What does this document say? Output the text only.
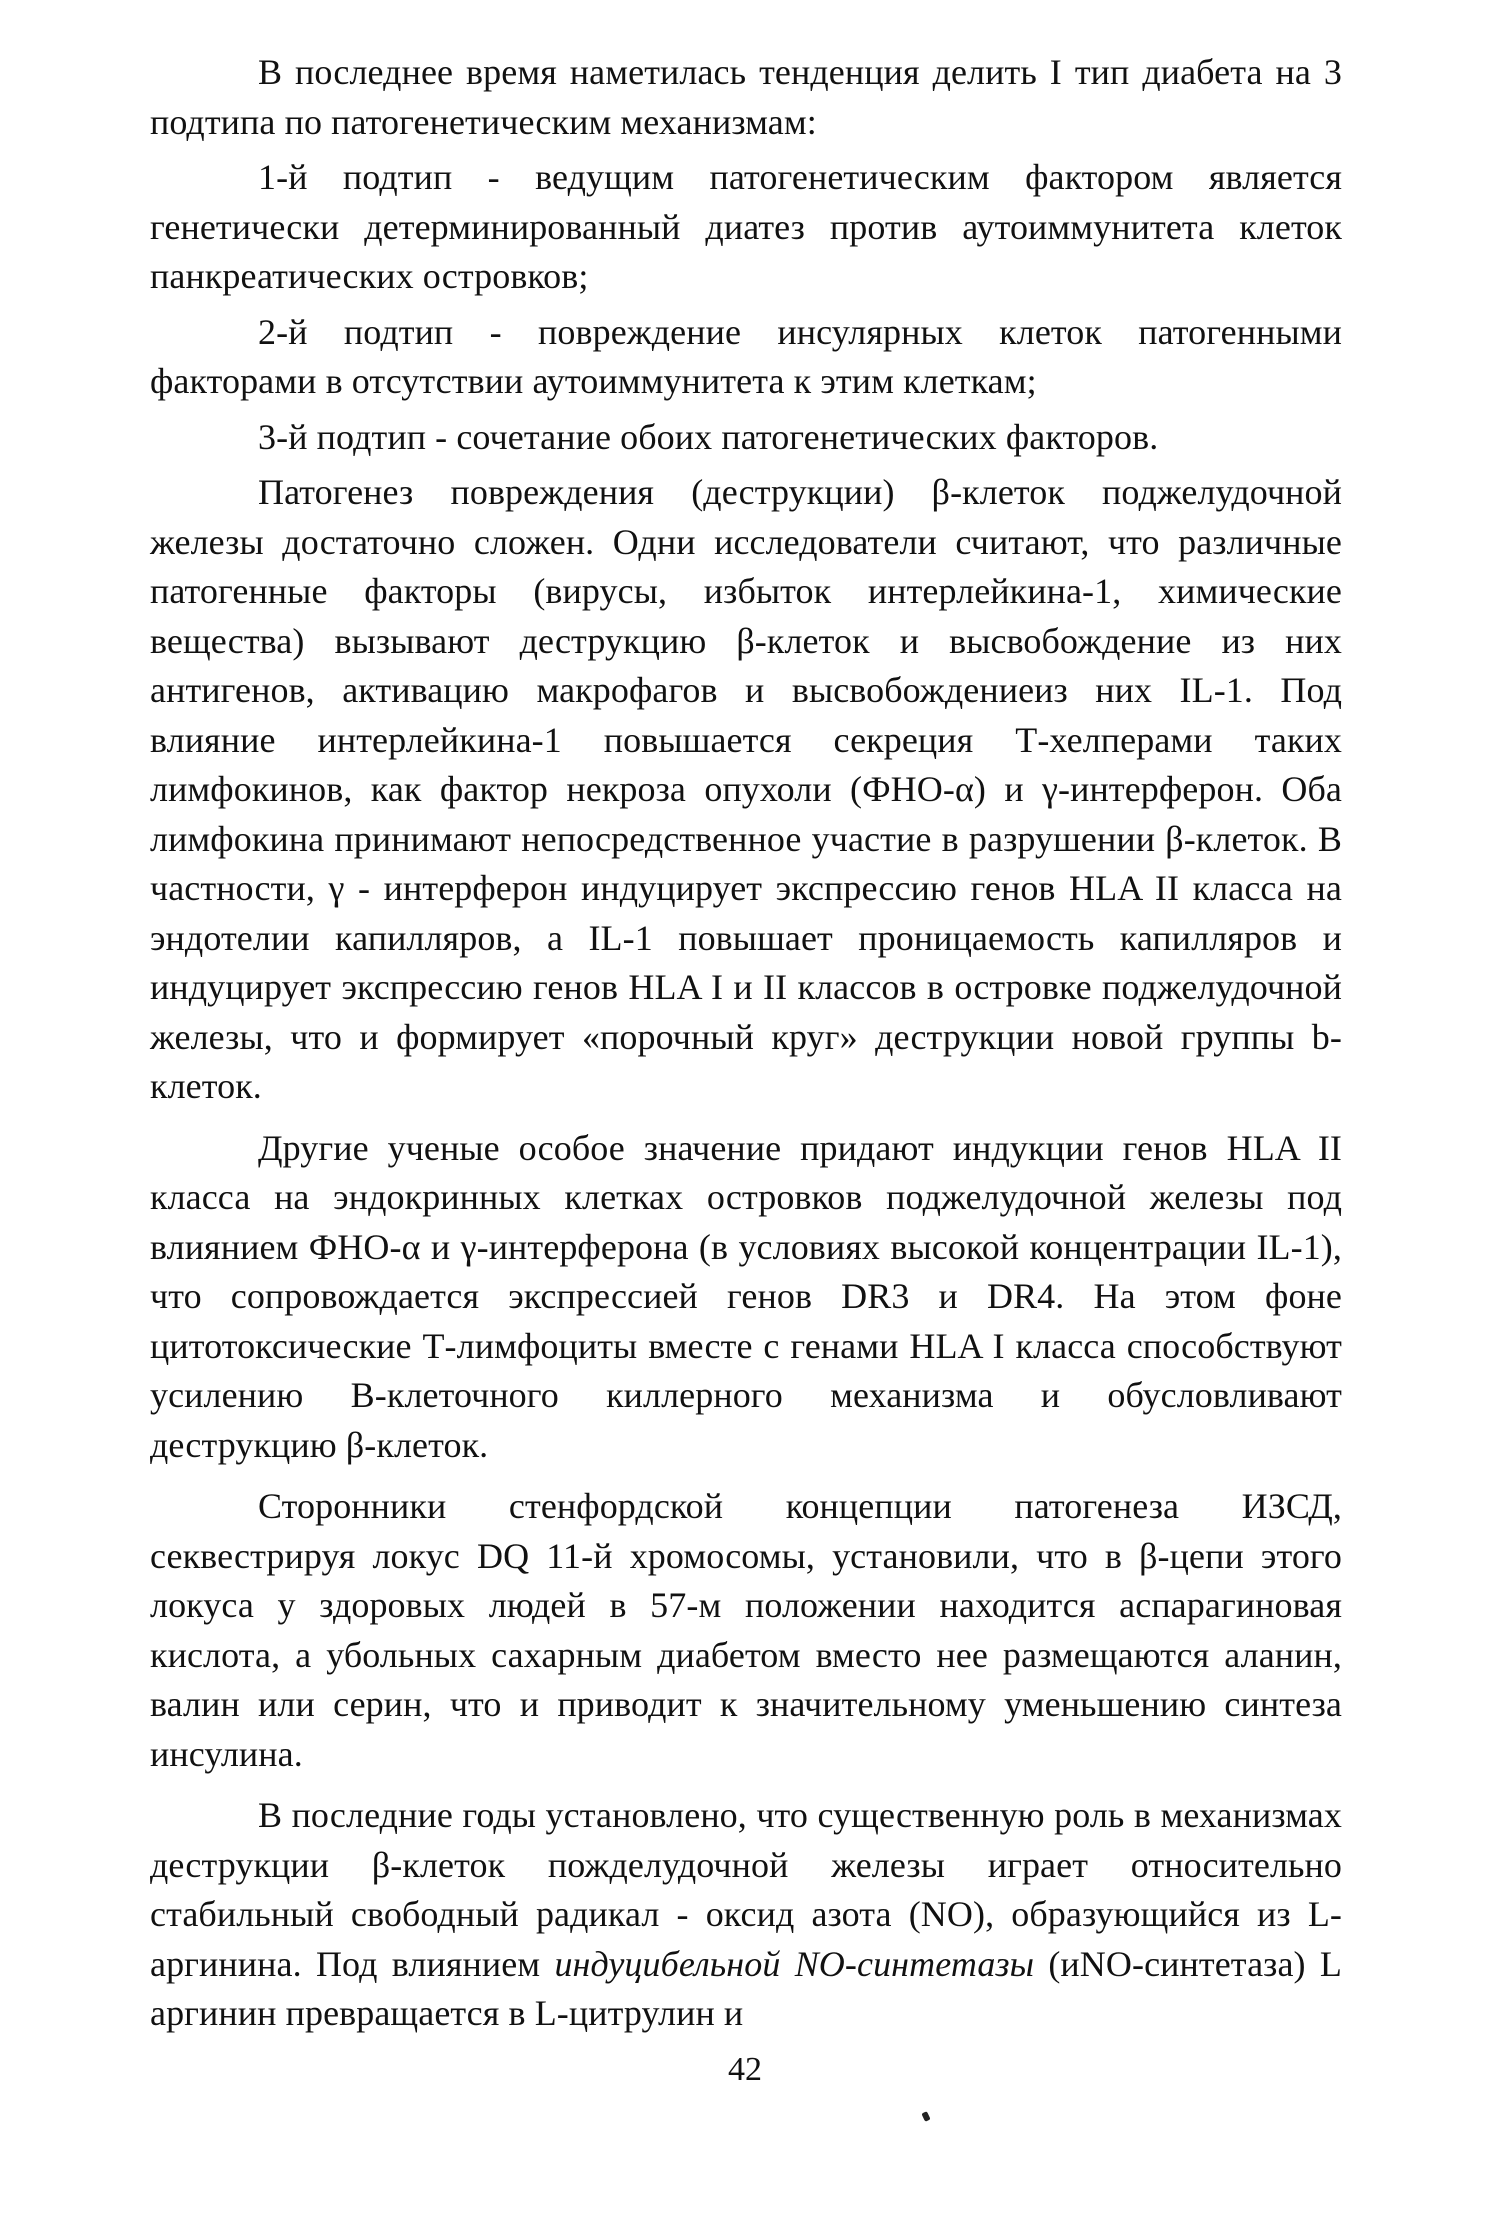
В последнее время наметилась тенденция делить I тип диабета на 3 подтипа по патогенетическим механизмам:

1-й подтип - ведущим патогенетическим фактором является генетически детерминированный диатез против аутоиммунитета клеток панкреатических островков;

2-й подтип - повреждение инсулярных клеток патогенными факторами в отсутствии аутоиммунитета к этим клеткам;

3-й подтип - сочетание обоих патогенетических факторов.

Патогенез повреждения (деструкции) β-клеток поджелудочной железы достаточно сложен. Одни исследователи считают, что различные патогенные факторы (вирусы, избыток интерлейкина-1, химические вещества) вызывают деструкцию β-клеток и высвобождение из них антигенов, активацию макрофагов и высвобождениеиз них IL-1. Под влияние интерлейкина-1 повышается секреция Т-хелперами таких лимфокинов, как фактор некроза опухоли (ФНО-α) и γ-интерферон. Оба лимфокина принимают непосредственное участие в разрушении β-клеток. В частности, γ - интерферон индуцирует экспрессию генов HLA II класса на эндотелии капилляров, а IL-1 повышает проницаемость капилляров и индуцирует экспрессию генов HLA I и II классов в островке поджелудочной железы, что и формирует «порочный круг» деструкции новой группы b-клеток.

Другие ученые особое значение придают индукции генов HLA II класса на эндокринных клетках островков поджелудочной железы под влиянием ФНО-α и γ-интерферона (в условиях высокой концентрации IL-1), что сопровождается экспрессией генов DR3 и DR4. На этом фоне цитотоксические Т-лимфоциты вместе с генами HLA I класса способствуют усилению В-клеточного киллерного механизма и обусловливают деструкцию β-клеток.

Сторонники стенфордской концепции патогенеза ИЗСД, секвестрируя локус DQ 11-й хромосомы, установили, что в β-цепи этого локуса у здоровых людей в 57-м положении находится аспарагиновая кислота, а убольных сахарным диабетом вместо нее размещаются аланин, валин или серин, что и приводит к значительному уменьшению синтеза инсулина.

В последние годы установлено, что существенную роль в механизмах деструкции β-клеток пожделудочной железы играет относительно стабильный свободный радикал - оксид азота (NO), образующийся из L-аргинина. Под влиянием индуцибельной NO-синтетазы (иNO-синтетаза) L аргинин превращается в L-цитрулин и

42
